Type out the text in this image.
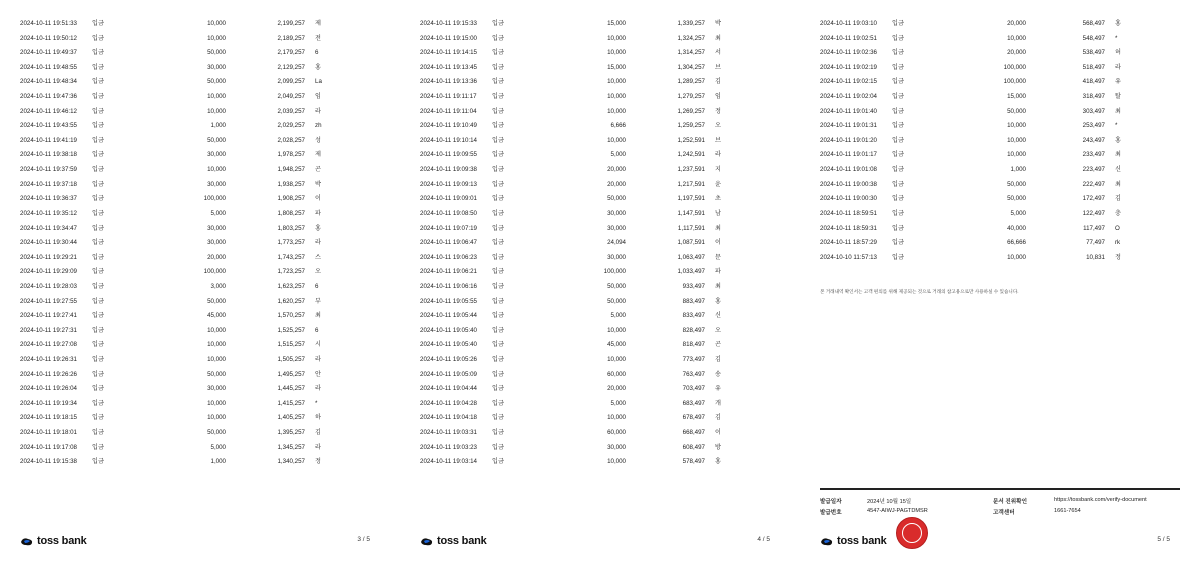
2024-10-11 19:51:33 입금	10,000	2,199,257 제
2024-10-11 19:50:12 입금	10,000	2,189,257 전
2024-10-11 19:49:37 입금	50,000	2,179,257 6
2024-10-11 19:48:55 입금	30,000	2,129,257 홍
2024-10-11 19:48:34 입금	50,000	2,099,257 La
2024-10-11 19:47:36 입금	10,000	2,049,257 임
2024-10-11 19:46:12 입금	10,000	2,039,257 라
2024-10-11 19:43:55 입금	1,000	2,029,257 zh
2024-10-11 19:41:19 입금	50,000	2,028,257 성
2024-10-11 19:38:18 입금	30,000	1,978,257 제
2024-10-11 19:37:59 입금	10,000	1,948,257 곤
2024-10-11 19:37:18 입금	30,000	1,938,257 박
2024-10-11 19:36:37 입금	100,000	1,908,257 이
2024-10-11 19:35:12 입금	5,000	1,808,257 파
2024-10-11 19:34:47 입금	30,000	1,803,257 홍
2024-10-11 19:30:44 입금	30,000	1,773,257 라
2024-10-11 19:29:21 입금	20,000	1,743,257 스
2024-10-11 19:29:09 입금	100,000	1,723,257 오
2024-10-11 19:28:03 입금	3,000	1,623,257 6
2024-10-11 19:27:55 입금	50,000	1,620,257 부
2024-10-11 19:27:41 입금	45,000	1,570,257 최
2024-10-11 19:27:31 입금	10,000	1,525,257 6
2024-10-11 19:27:08 입금	10,000	1,515,257 시
2024-10-11 19:26:31 입금	10,000	1,505,257 라
2024-10-11 19:26:26 입금	50,000	1,495,257 안
2024-10-11 19:26:04 입금	30,000	1,445,257 라
2024-10-11 19:19:34 입금	10,000	1,415,257 *
2024-10-11 19:18:15 입금	10,000	1,405,257 하
2024-10-11 19:18:01 입금	50,000	1,395,257 김
2024-10-11 19:17:08 입금	5,000	1,345,257 라
2024-10-11 19:15:38 입금	1,000	1,340,257 정
toss bank	3 / 5
2024-10-11 19:15:33 입금	15,000	1,339,257 박
2024-10-11 19:15:00 입금	10,000	1,324,257 최
2024-10-11 19:14:15 입금	10,000	1,314,257 서
2024-10-11 19:13:45 입금	15,000	1,304,257 브
2024-10-11 19:13:36 입금	10,000	1,289,257 김
2024-10-11 19:11:17 입금	10,000	1,279,257 임
2024-10-11 19:11:04 입금	10,000	1,269,257 정
2024-10-11 19:10:49 입금	6,666	1,259,257 오
2024-10-11 19:10:14 입금	10,000	1,252,591 브
2024-10-11 19:09:55 입금	5,000	1,242,591 라
2024-10-11 19:09:38 입금	20,000	1,237,591 지
2024-10-11 19:09:13 입금	20,000	1,217,591 윤
2024-10-11 19:09:01 입금	50,000	1,197,591 초
2024-10-11 19:08:50 입금	30,000	1,147,591 남
2024-10-11 19:07:19 입금	30,000	1,117,591 최
2024-10-11 19:06:47 입금	24,094	1,087,591 이
2024-10-11 19:06:23 입금	30,000	1,063,497 문
2024-10-11 19:06:21 입금	100,000	1,033,497 파
2024-10-11 19:06:16 입금	50,000	933,497 최
2024-10-11 19:05:55 입금	50,000	883,497 홍
2024-10-11 19:05:44 입금	5,000	833,497 신
2024-10-11 19:05:40 입금	10,000	828,497 오
2024-10-11 19:05:40 입금	45,000	818,497 곤
2024-10-11 19:05:26 입금	10,000	773,497 김
2024-10-11 19:05:09 입금	60,000	763,497 송
2024-10-11 19:04:44 입금	20,000	703,497 유
2024-10-11 19:04:28 입금	5,000	683,497 개
2024-10-11 19:04:18 입금	10,000	678,497 김
2024-10-11 19:03:31 입금	60,000	668,497 이
2024-10-11 19:03:23 입금	30,000	608,497 방
2024-10-11 19:03:14 입금	10,000	578,497 홍
toss bank	4 / 5
2024-10-11 19:03:10 입금	20,000	568,497 홍
2024-10-11 19:02:51 입금	10,000	548,497 *
2024-10-11 19:02:36 입금	20,000	538,497 허
2024-10-11 19:02:19 입금	100,000	518,497 라
2024-10-11 19:02:15 입금	100,000	418,497 유
2024-10-11 19:02:04 입금	15,000	318,497 탈
2024-10-11 19:01:40 입금	50,000	303,497 최
2024-10-11 19:01:31 입금	10,000	253,497 *
2024-10-11 19:01:20 입금	10,000	243,497 홍
2024-10-11 19:01:17 입금	10,000	233,497 최
2024-10-11 19:01:08 입금	1,000	223,497 신
2024-10-11 19:00:38 입금	50,000	222,497 최
2024-10-11 19:00:30 입금	50,000	172,497 김
2024-10-11 18:59:51 입금	5,000	122,497 충
2024-10-11 18:59:31 입금	40,000	117,497 O
2024-10-11 18:57:29 입금	66,666	77,497 rk
2024-10-10 11:57:13 입금	10,000	10,831 정
본 거래내역 확인서는 고객 편의를 위해 제공되는 것으로 거래의 참고용으로만 사용하실 수 있습니다.
발급일자	2024년 10월 15일
발급번호	4547-AIWJ-PAGTDMSR
문서 진위확인	https://tossbank.com/verify-document
고객센터	1661-7654
toss bank	5 / 5
